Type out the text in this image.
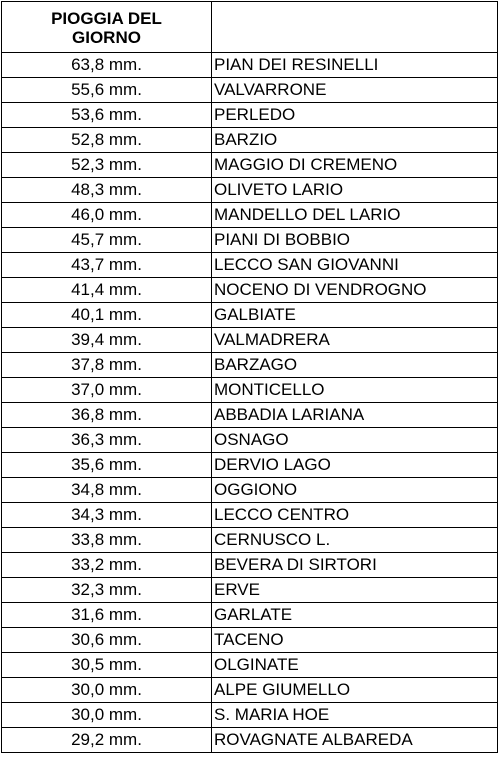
PIOGGIA DEL GIORNO	
63,8 mm.	PIAN DEI RESINELLI
55,6 mm.	VALVARRONE
53,6 mm.	PERLEDO
52,8 mm.	BARZIO
52,3 mm.	MAGGIO DI CREMENO
48,3 mm.	OLIVETO LARIO
46,0 mm.	MANDELLO DEL LARIO
45,7 mm.	PIANI DI BOBBIO
43,7 mm.	LECCO SAN GIOVANNI
41,4 mm.	NOCENO DI VENDROGNO
40,1 mm.	GALBIATE
39,4 mm.	VALMADRERA
37,8 mm.	BARZAGO
37,0 mm.	MONTICELLO
36,8 mm.	ABBADIA LARIANA
36,3 mm.	OSNAGO
35,6 mm.	DERVIO LAGO
34,8 mm.	OGGIONO
34,3 mm.	LECCO CENTRO
33,8 mm.	CERNUSCO L.
33,2 mm.	BEVERA DI SIRTORI
32,3 mm.	ERVE
31,6 mm.	GARLATE
30,6 mm.	TACENO
30,5 mm.	OLGINATE
30,0 mm.	ALPE GIUMELLO
30,0 mm.	S. MARIA HOE
29,2 mm.	ROVAGNATE ALBAREDA
